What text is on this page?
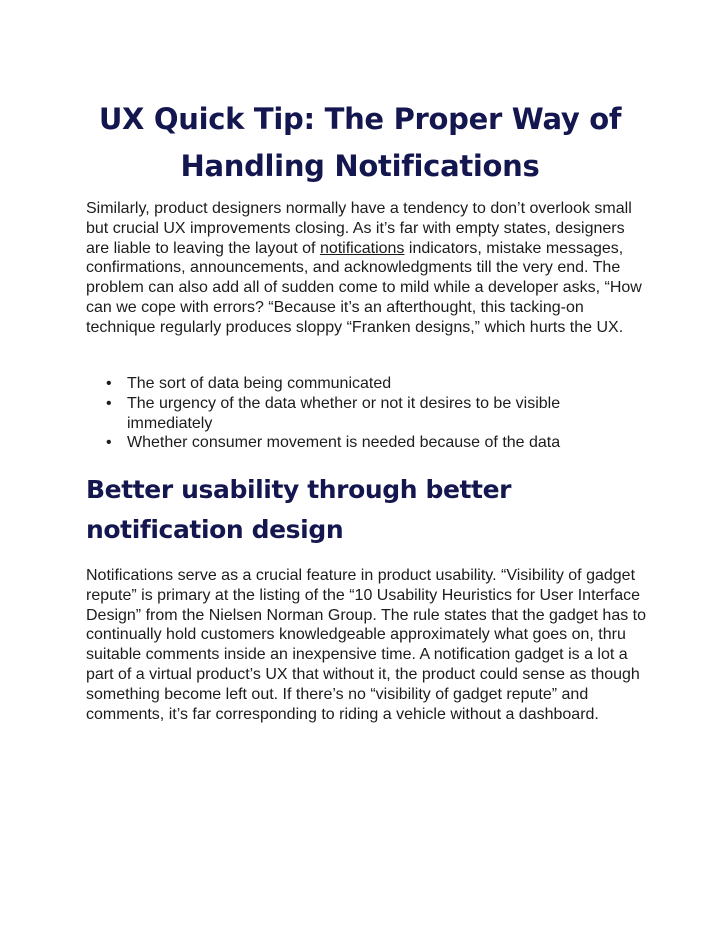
UX Quick Tip: The Proper Way of Handling Notifications

Similarly, product designers normally have a tendency to don’t overlook small but crucial UX improvements closing. As it’s far with empty states, designers are liable to leaving the layout of notifications indicators, mistake messages, confirmations, announcements, and acknowledgments till the very end. The problem can also add all of sudden come to mild while a developer asks, “How can we cope with errors? “Because it’s an afterthought, this tacking-on technique regularly produces sloppy “Franken designs,” which hurts the UX.

• The sort of data being communicated
• The urgency of the data whether or not it desires to be visible immediately
• Whether consumer movement is needed because of the data
Better usability through better notification design

Notifications serve as a crucial feature in product usability. “Visibility of gadget repute” is primary at the listing of the “10 Usability Heuristics for User Interface Design” from the Nielsen Norman Group. The rule states that the gadget has to continually hold customers knowledgeable approximately what goes on, thru suitable comments inside an inexpensive time. A notification gadget is a lot a part of a virtual product’s UX that without it, the product could sense as though something become left out. If there’s no “visibility of gadget repute” and comments, it’s far corresponding to riding a vehicle without a dashboard.
